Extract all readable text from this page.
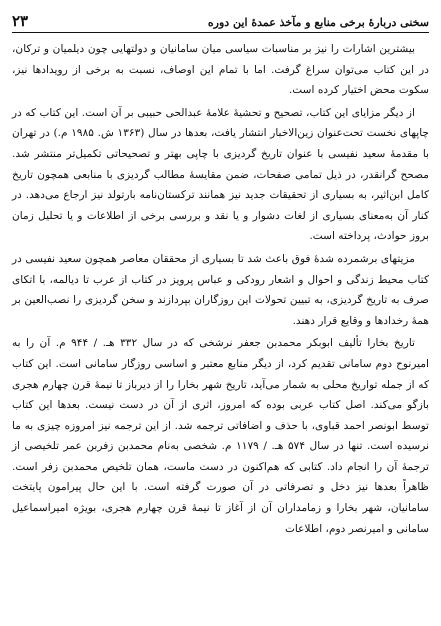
سخنی دربارهٔ برخی منابع و مآخذ عمدهٔ این دوره
۲۳

بیشترین اشارات را نیز بر مناسبات سیاسی میان سامانیان و دولتهایی چون دیلمیان و ترکان، در این کتاب می‌توان سراغ گرفت. اما با تمام این اوصاف، نسبت به برخی از رویدادها نیز، سکوت محض اختیار کرده است.

از دیگر مزایای این کتاب، تصحیح و تحشیهٔ علامهٔ عبدالحی حبیبی بر آن است. این کتاب که در چاپهای نخست تحت‌عنوان زین‌الاخبار انتشار یافت، بعدها در سال (۱۳۶۳ ش. ۱۹۸۵ م.) در تهران با مقدمهٔ سعید نفیسی با عنوان تاریخ گردیزی با چاپی بهتر و تصحیحاتی تکمیل‌تر منتشر شد. مصحح گرانقدر، در ذیل تمامی صفحات، ضمن مقایسهٔ مطالب گردیزی با منابعی همچون تاریخ کامل ابن‌اثیر، به بسیاری از تحقیقات جدید نیز همانند ترکستان‌نامه بارتولد نیز ارجاع می‌دهد. در کنار آن به‌معنای بسیاری از لغات دشوار و یا نقد و بررسی برخی از اطلاعات و یا تحلیل زمان بروز حوادث، پرداخته است.

مزیتهای برشمرده شدهٔ فوق باعث شد تا بسیاری از محققان معاصر همچون سعید نفیسی در کتاب محیط زندگی و احوال و اشعار رودکی و عباس پرویز در کتاب از عرب تا دیالمه، با اتکای صرف به تاریخ گردیزی، به تبیین تحولات این روزگاران بپردازند و سخن گردیزی را نصب‌العین بر همهٔ رخدادها و وقایع قرار دهند.

تاریخ بخارا تألیف ابوبکر محمدبن جعفر نرشخی که در سال ۳۳۲ هـ. / ۹۴۴ م. آن را به امیرنوح دوم سامانی تقدیم کرد، از دیگر منابع معتبر و اساسی روزگار سامانی است. این کتاب که از جمله تواریخ محلی به شمار می‌آید، تاریخ شهر بخارا را از دیرباز تا نیمهٔ قرن چهارم هجری بازگو می‌کند. اصل کتاب عربی بوده که امروز، اثری از آن در دست نیست. بعدها این کتاب توسط ابونصر احمد قباوی، با حذف و اضافاتی ترجمه شد. از این ترجمه نیز امروزه چیزی به ما نرسیده است. تنها در سال ۵۷۴ هـ. / ۱۱۷۹ م. شخصی به‌نام محمدبن زفربن عمر تلخیصی از ترجمهٔ آن را انجام داد. کتابی که هم‌اکنون در دست ماست، همان تلخیص محمدبن زفر است. ظاهراً بعدها نیز دخل و تصرفاتی در آن صورت گرفته است. با این حال پیرامون پایتخت سامانیان، شهر بخارا و زمامداران آن از آغاز تا نیمهٔ قرن چهارم هجری، بویژه امیراسماعیل سامانی و امیرنصر دوم، اطلاعات
